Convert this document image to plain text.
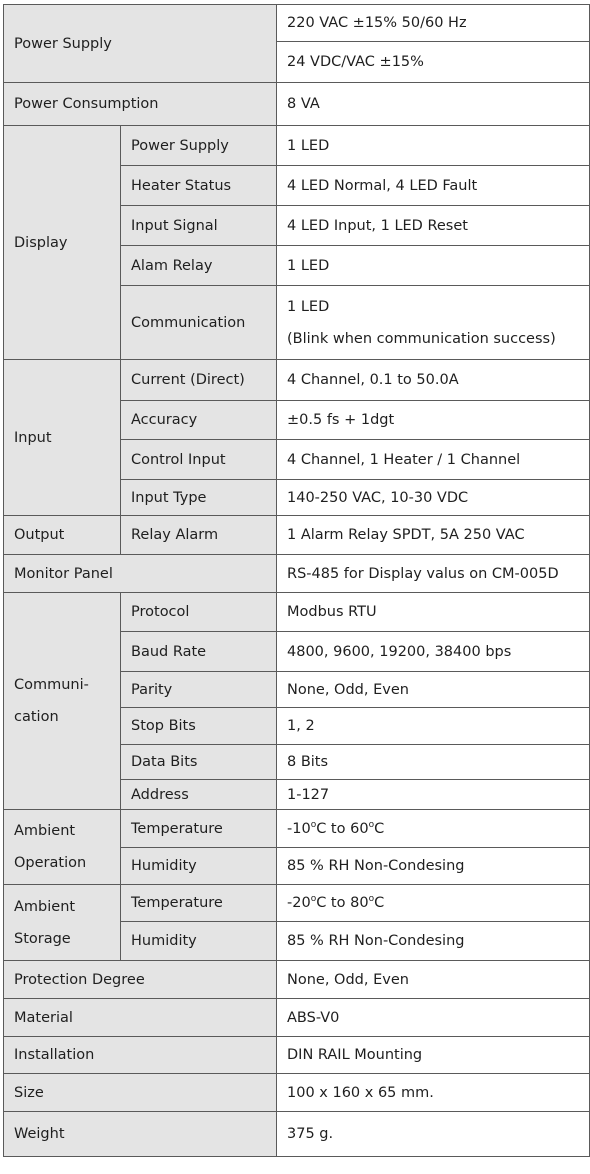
Power Supply		220 VAC ±15% 50/60 Hz
		24 VDC/VAC ±15%
Power Consumption		8 VA
Display	Power Supply	1 LED
	Heater Status	4 LED Normal, 4 LED Fault
	Input Signal	4 LED Input, 1 LED Reset
	Alam Relay	1 LED
	Communication	1 LED
(Blink when communication success)

Input	Current (Direct)	4 Channel, 0.1 to 50.0A
	Accuracy	±0.5 fs + 1dgt
	Control Input	4 Channel, 1 Heater / 1 Channel
	Input Type	140-250 VAC, 10-30 VDC
Output	Relay Alarm	1 Alarm Relay SPDT, 5A 250 VAC
Monitor Panel		RS-485 for Display valus on CM-005D

Communi-
cation	Protocol	Modbus RTU
	Baud Rate	4800, 9600, 19200, 38400 bps
	Parity	None, Odd, Even
	Stop Bits	1, 2
	Data Bits	8 Bits
	Address	1-127

Ambient
Operation	Temperature	-10$^o$C to 60$^o$C
	Humidity	85 % RH Non-Condesing

Ambient
Storage	Temperature	-20$^o$C to 80$^o$C
	Humidity	85 % RH Non-Condesing
Protection Degree		None, Odd, Even
Material		ABS-V0
Installation		DIN RAIL Mounting
Size		100 x 160 x 65 mm.
Weight		375 g.
